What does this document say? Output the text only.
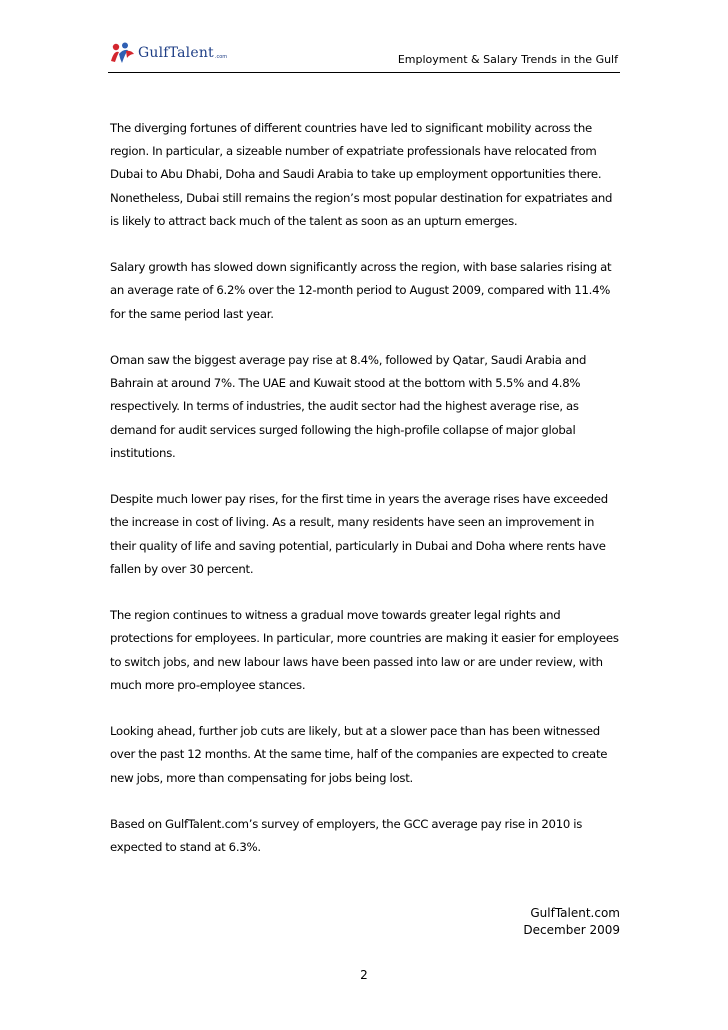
GulfTalent .com	Employment & Salary Trends in the Gulf

The diverging fortunes of different countries have led to significant mobility across the region. In particular, a sizeable number of expatriate professionals have relocated from Dubai to Abu Dhabi, Doha and Saudi Arabia to take up employment opportunities there. Nonetheless, Dubai still remains the region’s most popular destination for expatriates and is likely to attract back much of the talent as soon as an upturn emerges.

Salary growth has slowed down significantly across the region, with base salaries rising at an average rate of 6.2% over the 12-month period to August 2009, compared with 11.4% for the same period last year.

Oman saw the biggest average pay rise at 8.4%, followed by Qatar, Saudi Arabia and Bahrain at around 7%. The UAE and Kuwait stood at the bottom with 5.5% and 4.8% respectively. In terms of industries, the audit sector had the highest average rise, as demand for audit services surged following the high-profile collapse of major global institutions.

Despite much lower pay rises, for the first time in years the average rises have exceeded the increase in cost of living. As a result, many residents have seen an improvement in their quality of life and saving potential, particularly in Dubai and Doha where rents have fallen by over 30 percent.

The region continues to witness a gradual move towards greater legal rights and protections for employees. In particular, more countries are making it easier for employees to switch jobs, and new labour laws have been passed into law or are under review, with much more pro-employee stances.

Looking ahead, further job cuts are likely, but at a slower pace than has been witnessed over the past 12 months. At the same time, half of the companies are expected to create new jobs, more than compensating for jobs being lost.

Based on GulfTalent.com’s survey of employers, the GCC average pay rise in 2010 is expected to stand at 6.3%.

GulfTalent.com
December 2009
2
